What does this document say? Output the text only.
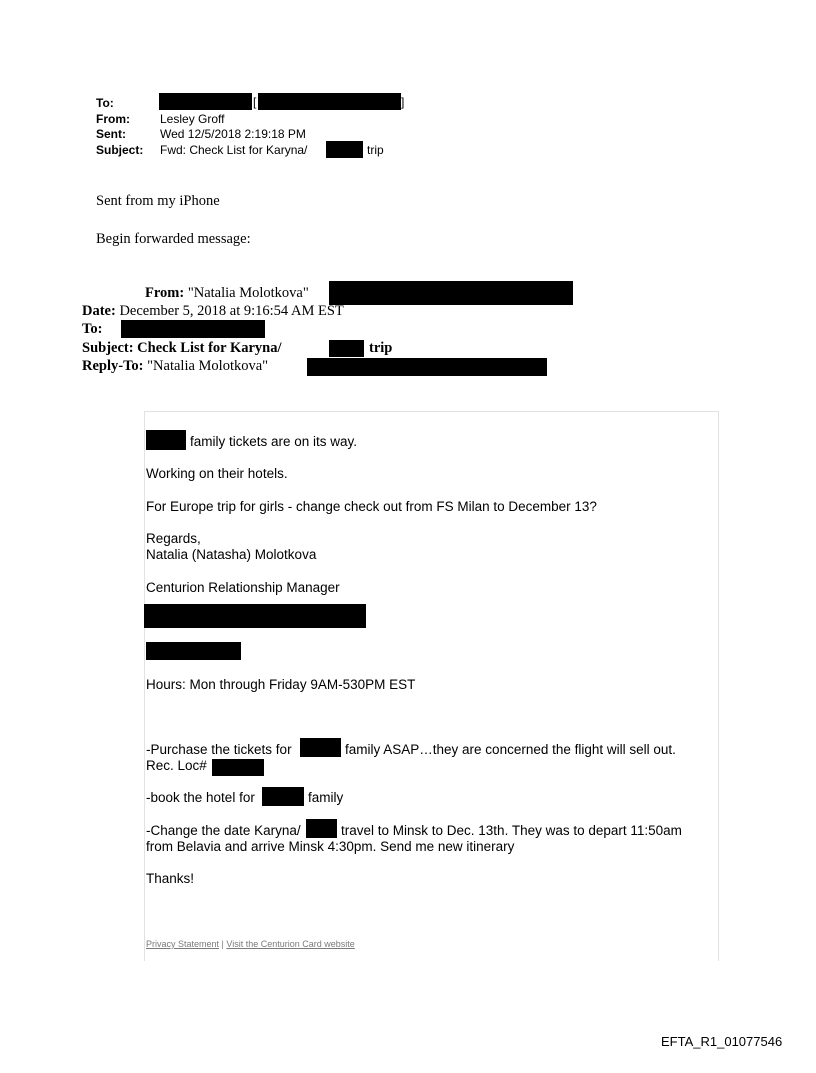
To:	[	]
From:	Lesley Groff
Sent:	Wed 12/5/2018 2:19:18 PM
Subject: Fwd: Check List for Karyna/	trip
Sent from my iPhone
Begin forwarded message:
From: "Natalia Molotkova"
Date: December 5, 2018 at 9:16:54 AM EST
To:
Subject: Check List for Karyna/	trip
Reply-To: "Natalia Molotkova"
family tickets are on its way.
Working on their hotels.
For Europe trip for girls - change check out from FS Milan to December 13?
Regards,
Natalia (Natasha) Molotkova
Centurion Relationship Manager
Hours: Mon through Friday 9AM-530PM EST
-Purchase the tickets for	family ASAP…they are concerned the flight will sell out.
Rec. Loc#
-book the hotel for	family
-Change the date Karyna/	travel to Minsk to Dec. 13th. They was to depart 11:50am
from Belavia and arrive Minsk 4:30pm. Send me new itinerary
Thanks!
Privacy Statement | Visit the Centurion Card website
EFTA_R1_01077546
